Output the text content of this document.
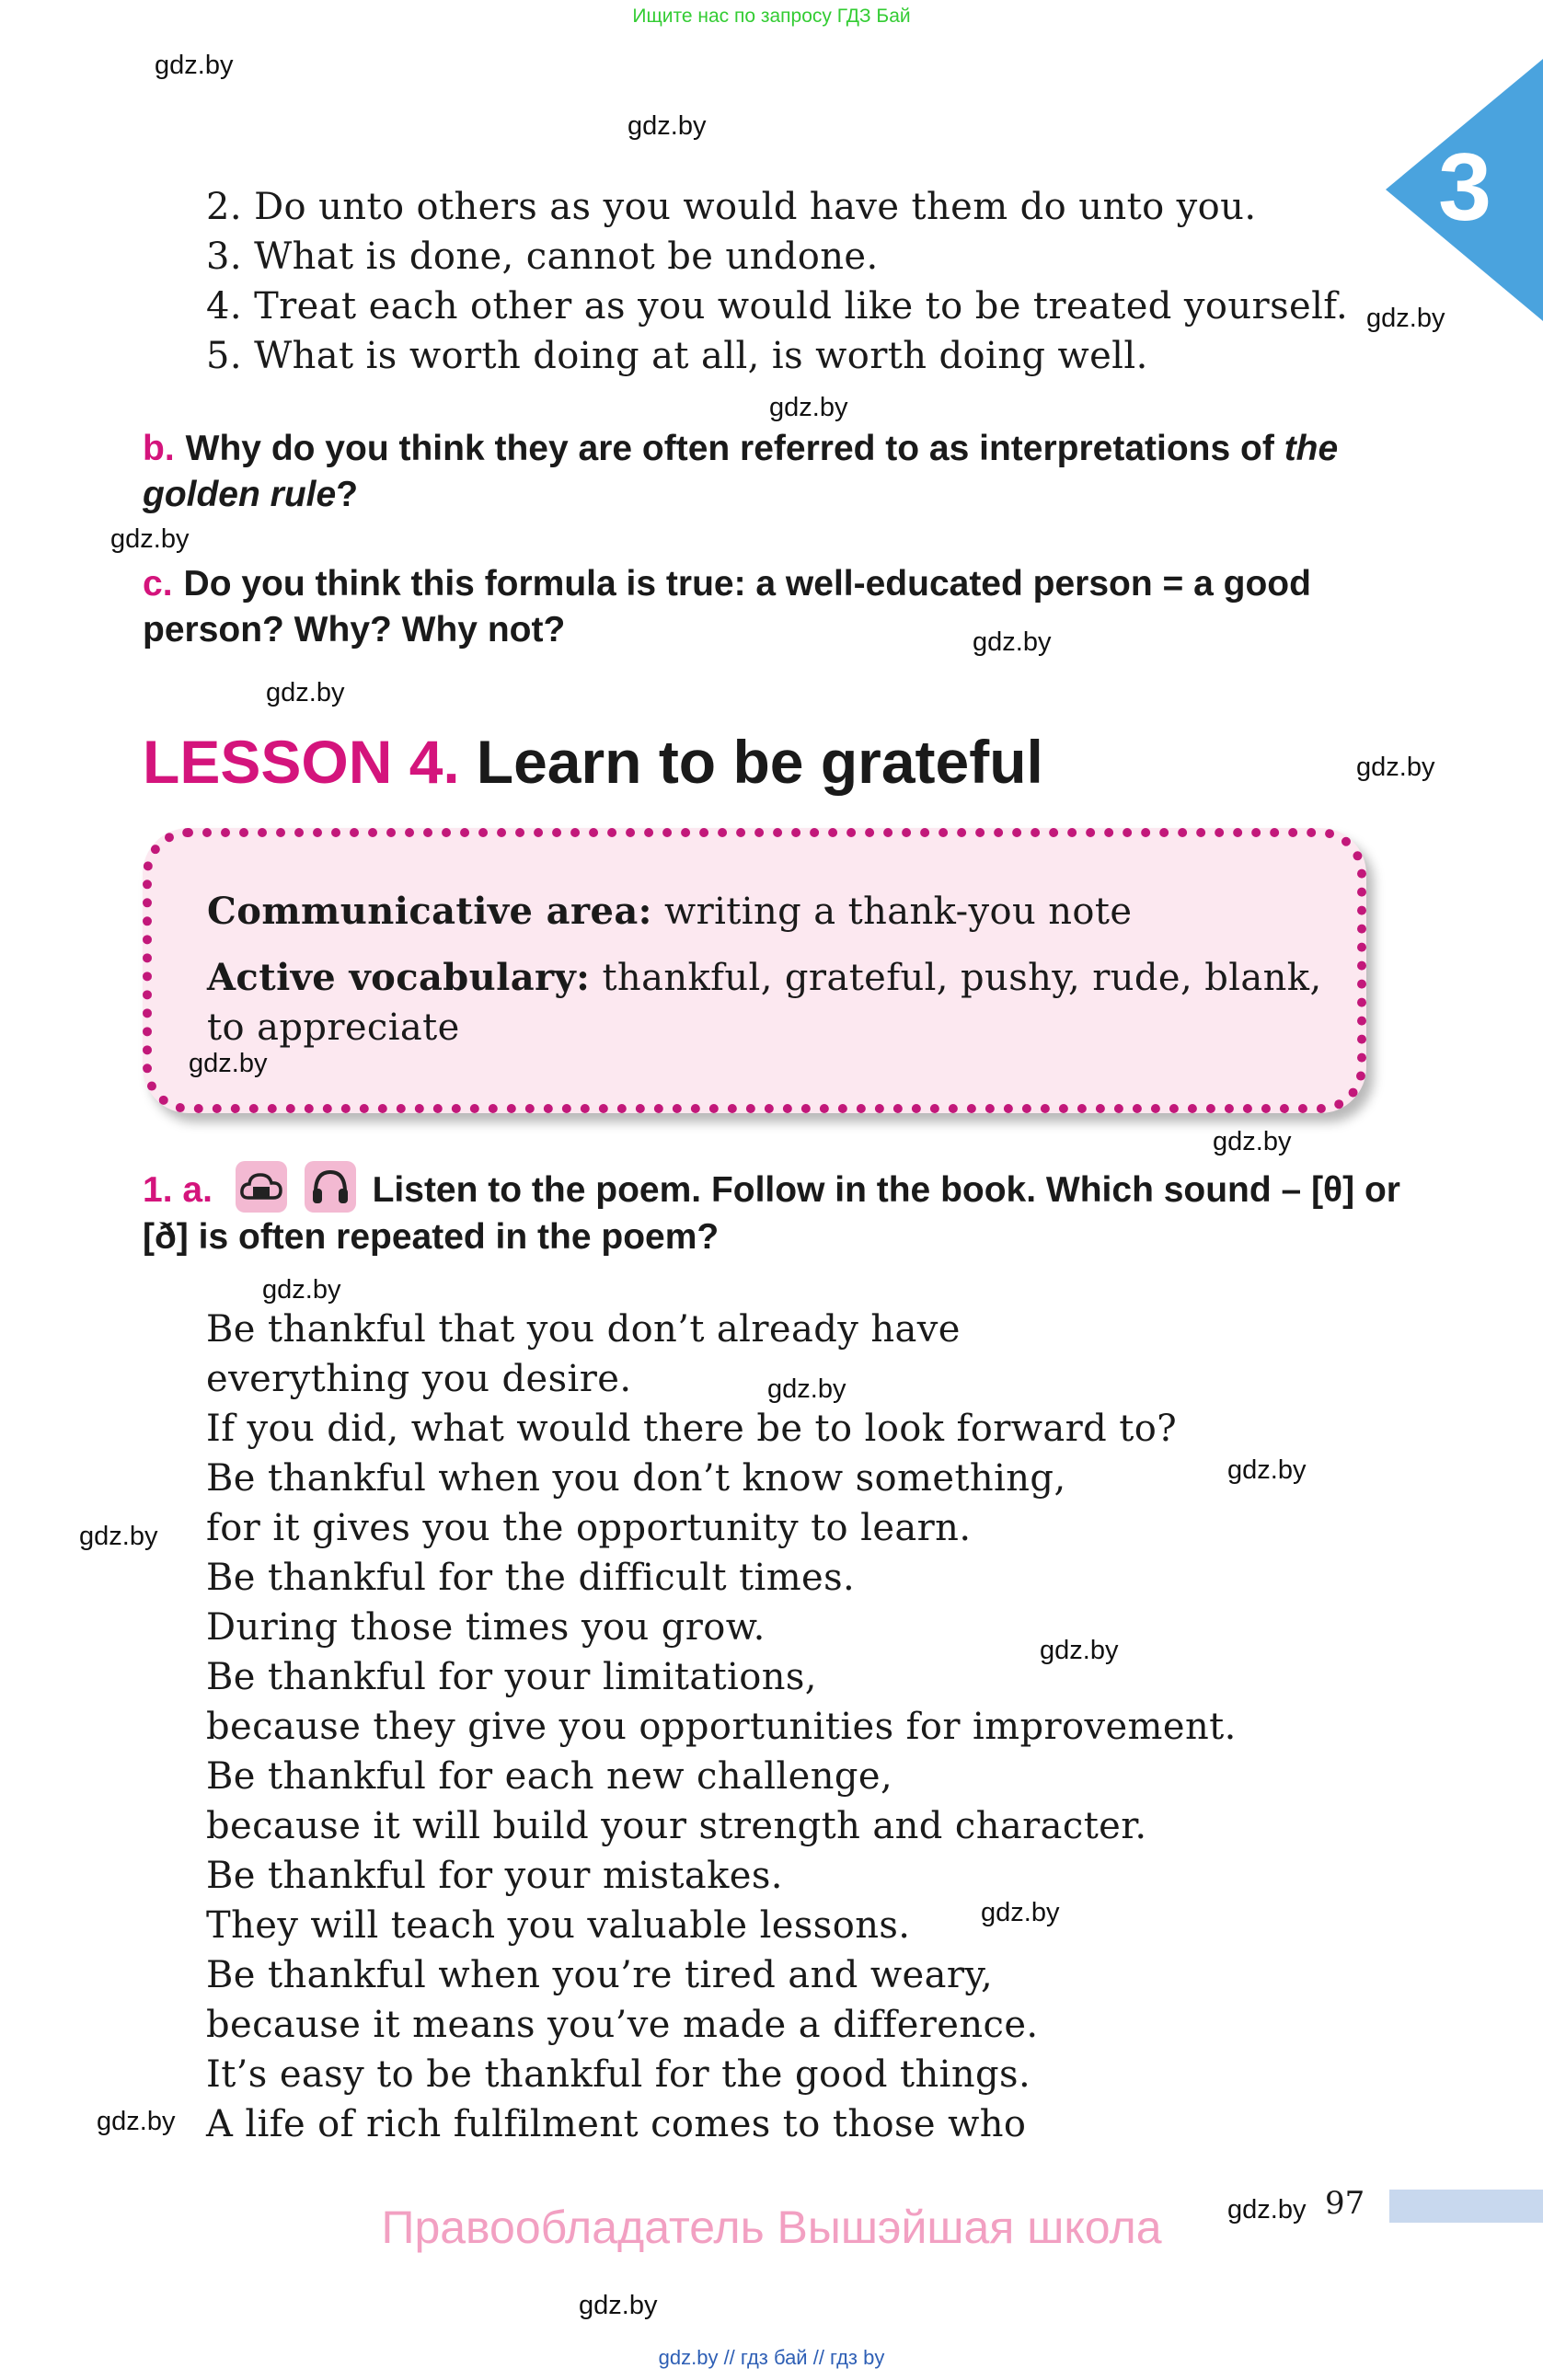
Ищите нас по запросу ГДЗ Бай
3
gdz.by
gdz.by
gdz.by
gdz.by
gdz.by
gdz.by
gdz.by
gdz.by
gdz.by
gdz.by
gdz.by
gdz.by
gdz.by
gdz.by
gdz.by
gdz.by
gdz.by
gdz.by
2. Do unto others as you would have them do unto you.
3. What is done, cannot be undone.
4. Treat each other as you would like to be treated yourself.
5. What is worth doing at all, is worth doing well.
b. Why do you think they are often referred to as interpretations of the golden rule?
c. Do you think this formula is true: a well-educated person = a good person? Why? Why not?
LESSON 4. Learn to be grateful

Communicative area: writing a thank-you note

Active vocabulary: thankful, grateful, pushy, rude, blank, to appreciate

gdz.by
1. a.
	Listen to the poem. Follow in the book. Which sound – [θ] or [ð] is often repeated in the poem?
Be thankful that you don’t already have
everything you desire.
If you did, what would there be to look forward to?
Be thankful when you don’t know something,
for it gives you the opportunity to learn.
Be thankful for the difficult times.
During those times you grow.
Be thankful for your limitations,
because they give you opportunities for improvement.
Be thankful for each new challenge,
because it will build your strength and character.
Be thankful for your mistakes.
They will teach you valuable lessons.
Be thankful when you’re tired and weary,
because it means you’ve made a difference.
It’s easy to be thankful for the good things.
A life of rich fulfilment comes to those who
97
Правообладатель Вышэйшая школа
gdz.by // гдз бай // гдз by
